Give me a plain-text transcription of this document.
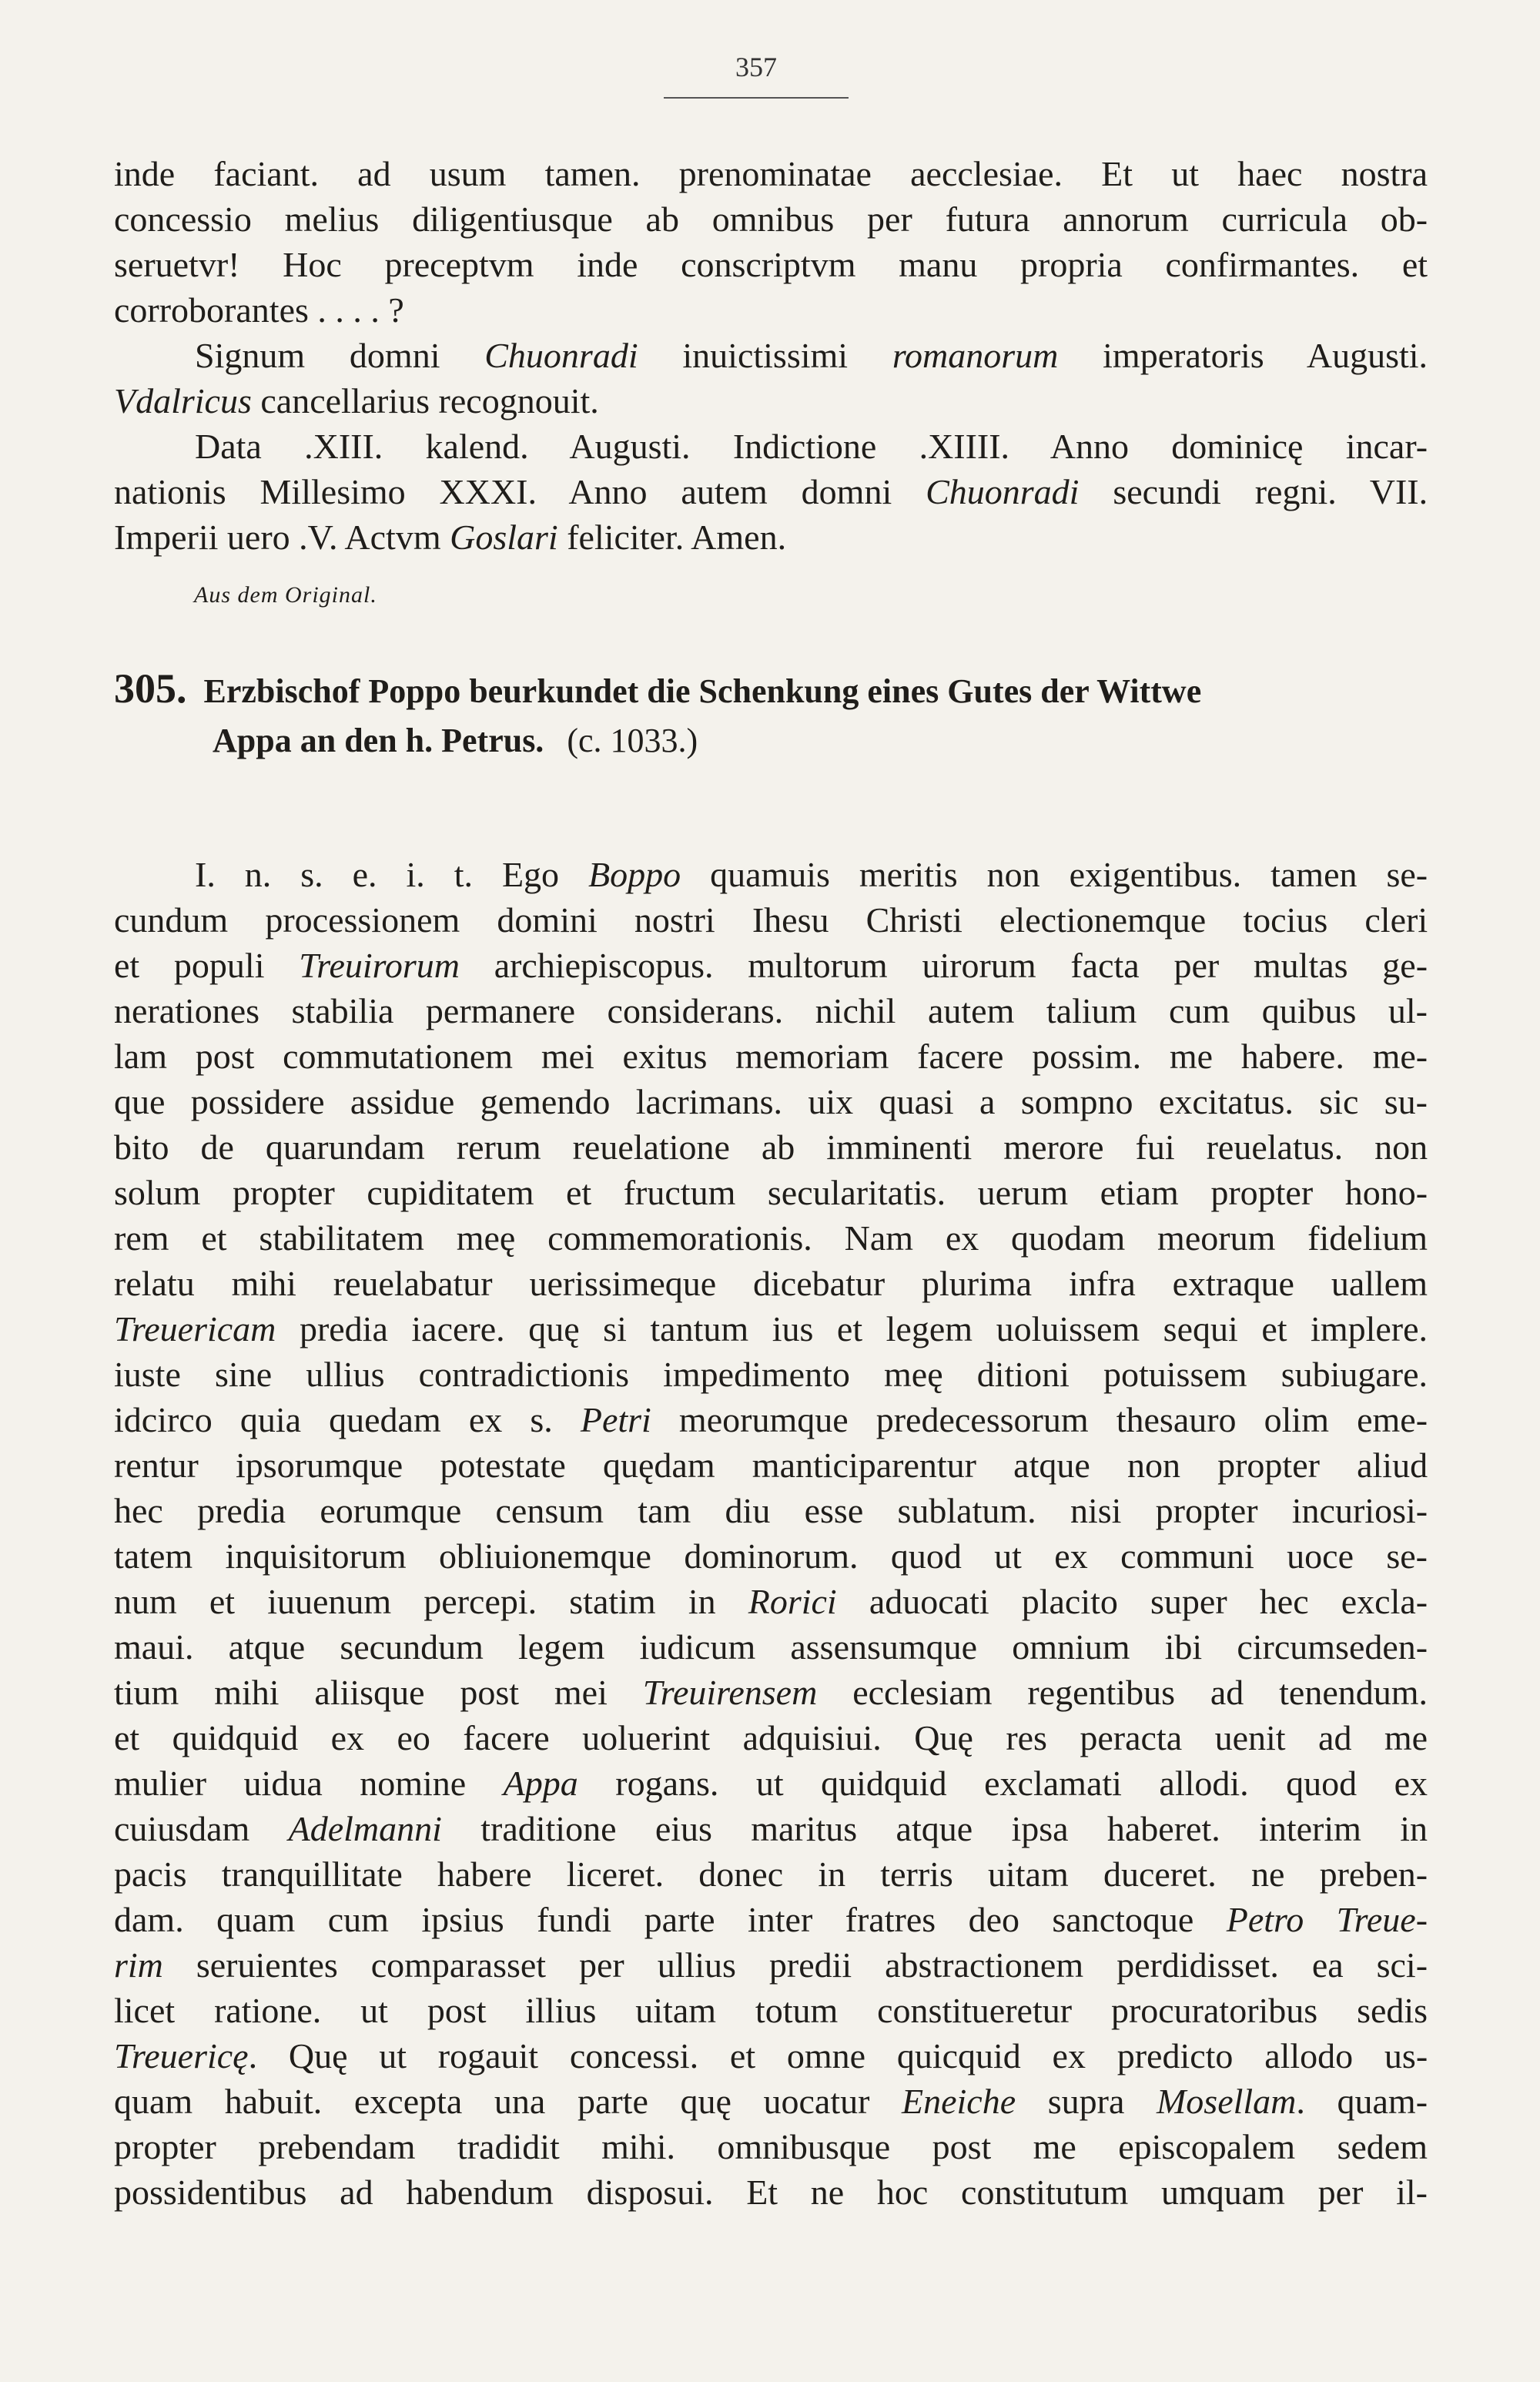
357
inde faciant. ad usum tamen. prenominatae aecclesiae. Et ut haec nostra
concessio melius diligentiusque ab omnibus per futura annorum curricula ob-
seruetvr! Hoc preceptvm inde conscriptvm manu propria confirmantes. et
corroborantes . . . . ?
Signum domni Chuonradi inuictissimi romanorum imperatoris Augusti.
Vdalricus cancellarius recognouit.
Data .XIII. kalend. Augusti. Indictione .XIIII. Anno dominicę incar-
nationis Millesimo XXXI. Anno autem domni Chuonradi secundi regni. VII.
Imperii uero .V. Actvm Goslari feliciter. Amen.
Aus dem Original.
305. Erzbischof Poppo beurkundet die Schenkung eines Gutes der Wittwe
Appa an den h. Petrus. (c. 1033.)
I. n. s. e. i. t. Ego Boppo quamuis meritis non exigentibus. tamen se-
cundum processionem domini nostri Ihesu Christi electionemque tocius cleri
et populi Treuirorum archiepiscopus. multorum uirorum facta per multas ge-
nerationes stabilia permanere considerans. nichil autem talium cum quibus ul-
lam post commutationem mei exitus memoriam facere possim. me habere. me-
que possidere assidue gemendo lacrimans. uix quasi a sompno excitatus. sic su-
bito de quarundam rerum reuelatione ab imminenti merore fui reuelatus. non
solum propter cupiditatem et fructum secularitatis. uerum etiam propter hono-
rem et stabilitatem meę commemorationis. Nam ex quodam meorum fidelium
relatu mihi reuelabatur uerissimeque dicebatur plurima infra extraque uallem
Treuericam predia iacere. quę si tantum ius et legem uoluissem sequi et implere.
iuste sine ullius contradictionis impedimento meę ditioni potuissem subiugare.
idcirco quia quedam ex s. Petri meorumque predecessorum thesauro olim eme-
rentur ipsorumque potestate quędam manticiparentur atque non propter aliud
hec predia eorumque censum tam diu esse sublatum. nisi propter incuriosi-
tatem inquisitorum obliuionemque dominorum. quod ut ex communi uoce se-
num et iuuenum percepi. statim in Rorici aduocati placito super hec excla-
maui. atque secundum legem iudicum assensumque omnium ibi circumseden-
tium mihi aliisque post mei Treuirensem ecclesiam regentibus ad tenendum.
et quidquid ex eo facere uoluerint adquisiui. Quę res peracta uenit ad me
mulier uidua nomine Appa rogans. ut quidquid exclamati allodi. quod ex
cuiusdam Adelmanni traditione eius maritus atque ipsa haberet. interim in
pacis tranquillitate habere liceret. donec in terris uitam duceret. ne preben-
dam. quam cum ipsius fundi parte inter fratres deo sanctoque Petro Treue-
rim seruientes comparasset per ullius predii abstractionem perdidisset. ea sci-
licet ratione. ut post illius uitam totum constitueretur procuratoribus sedis
Treuericę. Quę ut rogauit concessi. et omne quicquid ex predicto allodo us-
quam habuit. excepta una parte quę uocatur Eneiche supra Mosellam. quam-
propter prebendam tradidit mihi. omnibusque post me episcopalem sedem
possidentibus ad habendum disposui. Et ne hoc constitutum umquam per il-
